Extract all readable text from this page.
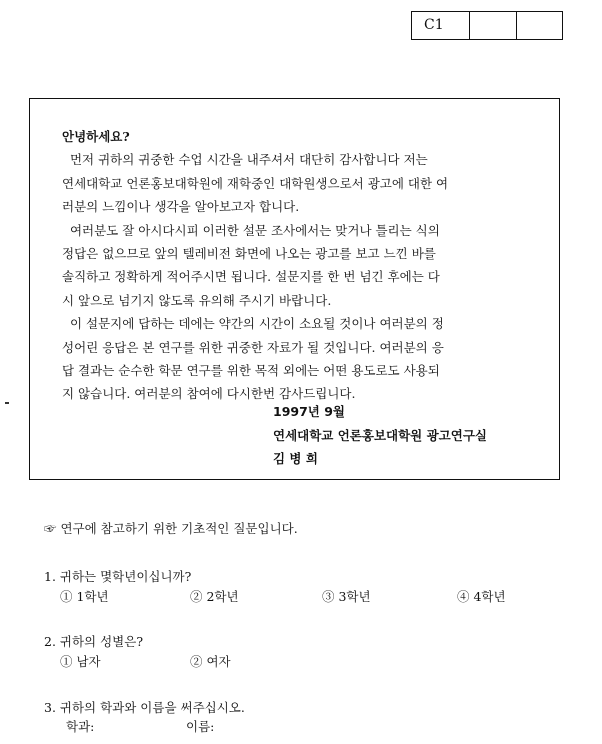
C1

안녕하세요?

먼저 귀하의 귀중한 수업 시간을 내주셔서 대단히 감사합니다 저는

연세대학교 언론홍보대학원에 재학중인 대학원생으로서 광고에 대한 여

러분의 느낌이나 생각을 알아보고자 합니다.

여러분도 잘 아시다시피 이러한 설문 조사에서는 맞거나 틀리는 식의

정답은 없으므로 앞의 텔레비전 화면에 나오는 광고를 보고 느낀 바를

솔직하고 정확하게 적어주시면 됩니다. 설문지를 한 번 넘긴 후에는 다

시 앞으로 넘기지 않도록 유의해 주시기 바랍니다.

이 설문지에 답하는 데에는 약간의 시간이 소요될 것이나 여러분의 정

성어린 응답은 본 연구를 위한 귀중한 자료가 될 것입니다. 여러분의 응

답 결과는 순수한 학문 연구를 위한 목적 외에는 어떤 용도로도 사용되

지 않습니다. 여러분의 참여에 다시한번 감사드립니다.

1997년 9월
연세대학교 언론홍보대학원 광고연구실
김 병 희
☞ 연구에 참고하기 위한 기초적인 질문입니다.
1. 귀하는 몇학년이십니까?
① 1학년	② 2학년	③ 3학년	④ 4학년
2. 귀하의 성별은?
① 남자	② 여자
3. 귀하의 학과와 이름을 써주십시오.
학과:	이름:
